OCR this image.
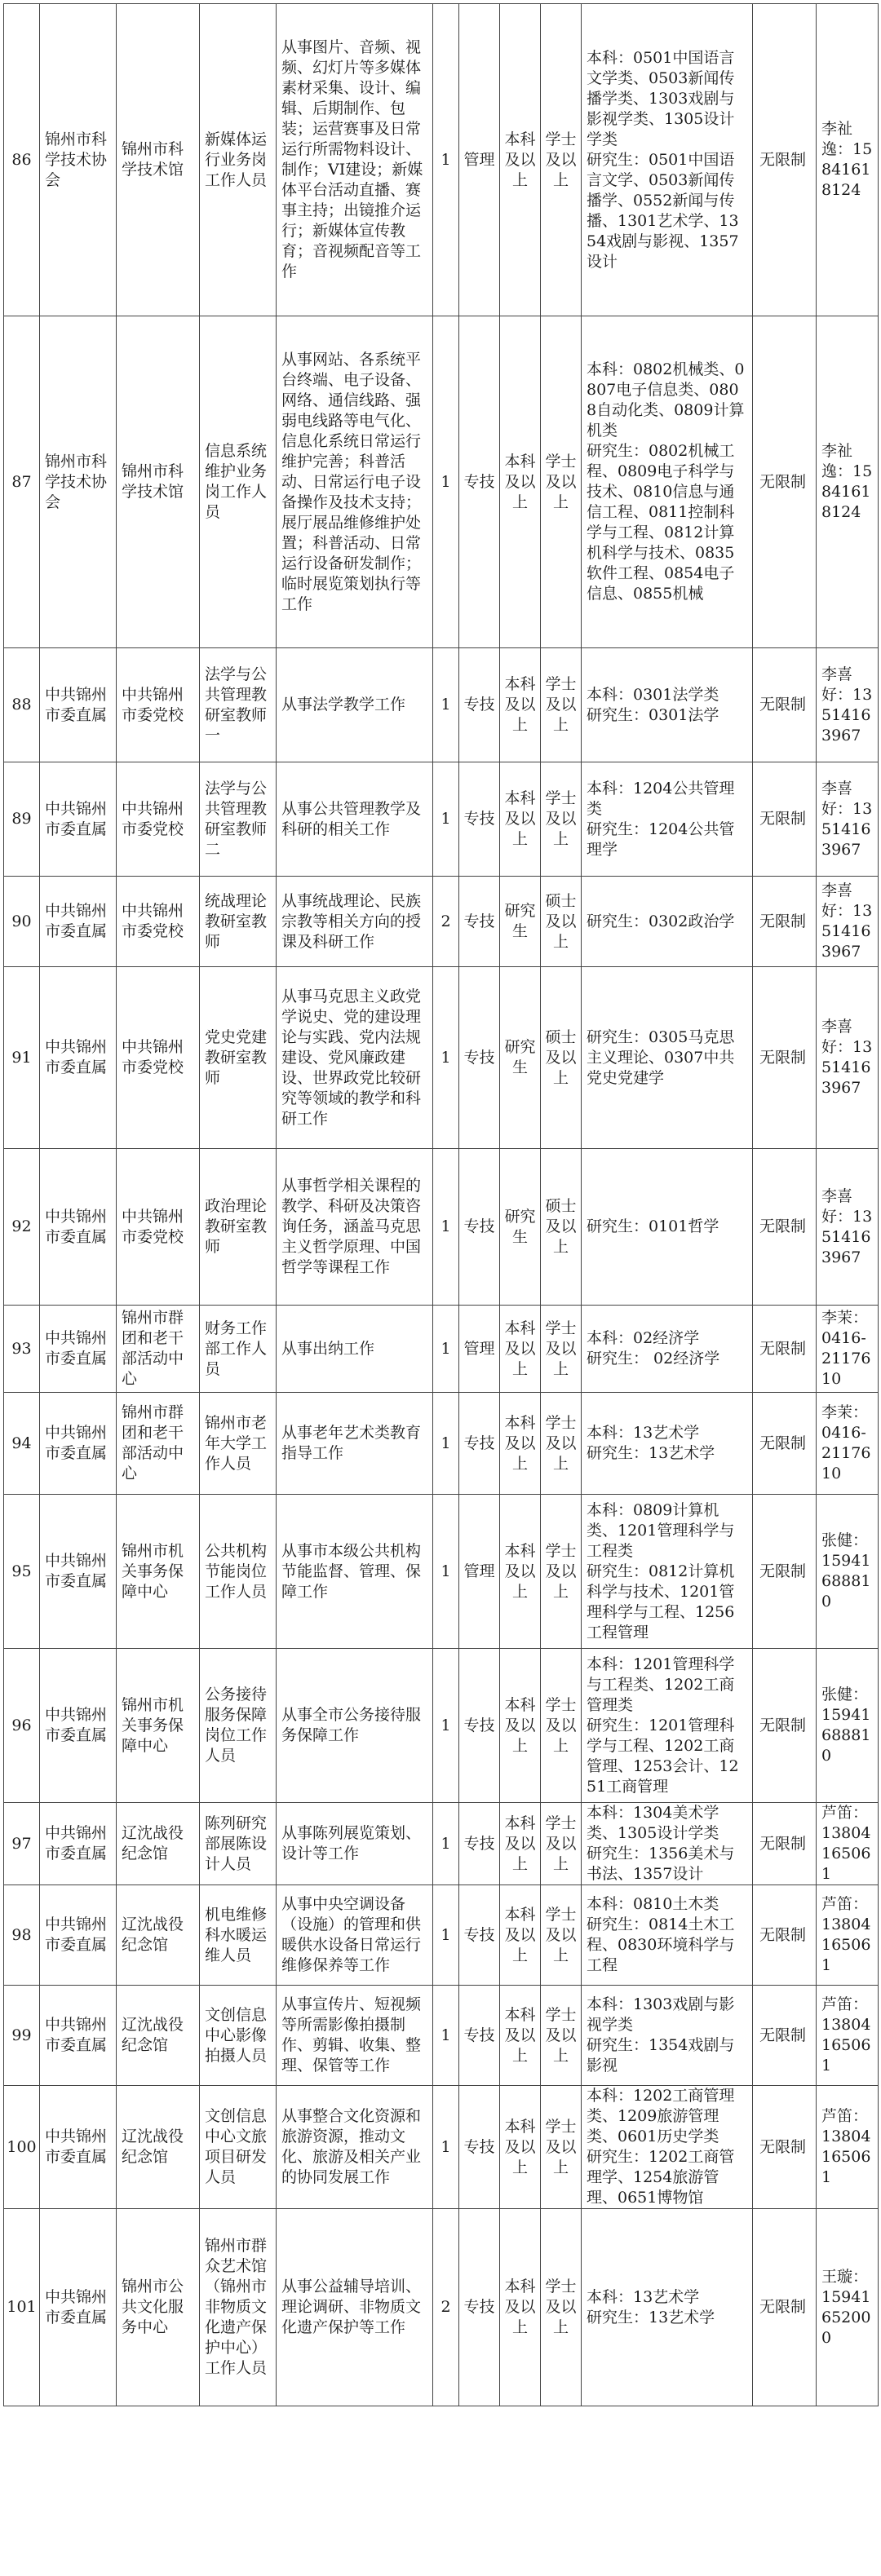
86	锦州市科学技术协会	锦州市科学技术馆	新媒体运行业务岗工作人员	从事图片、音频、视频、幻灯片等多媒体素材采集、设计、编辑、后期制作、包装；运营赛事及日常运行所需物料设计、制作；VI建设；新媒体平台活动直播、赛事主持；出镜推介运行；新媒体宣传教育；音视频配音等工作	1	管理	本科及以上	学士及以上	本科：0501中国语言文学类、0503新闻传播学类、1303戏剧与影视学类、1305设计学类
研究生：0501中国语言文学、0503新闻传播学、0552新闻与传播、1301艺术学、1354戏剧与影视、1357设计	无限制	李祉逸：15841618124
87	锦州市科学技术协会	锦州市科学技术馆	信息系统维护业务岗工作人员	从事网站、各系统平台终端、电子设备、网络、通信线路、强弱电线路等电气化、信息化系统日常运行维护完善；科普活动、日常运行电子设备操作及技术支持；展厅展品维修维护处置；科普活动、日常运行设备研发制作；临时展览策划执行等工作	1	专技	本科及以上	学士及以上	本科：0802机械类、0807电子信息类、0808自动化类、0809计算机类
研究生：0802机械工程、0809电子科学与技术、0810信息与通信工程、0811控制科学与工程、0812计算机科学与技术、0835软件工程、0854电子信息、0855机械	无限制	李祉逸：15841618124
88	中共锦州市委直属	中共锦州市委党校	法学与公共管理教研室教师一	从事法学教学工作	1	专技	本科及以上	学士及以上	本科：0301法学类
研究生：0301法学	无限制	李喜好：13514163967
89	中共锦州市委直属	中共锦州市委党校	法学与公共管理教研室教师二	从事公共管理教学及科研的相关工作	1	专技	本科及以上	学士及以上	本科：1204公共管理类
研究生：1204公共管理学	无限制	李喜好：13514163967
90	中共锦州市委直属	中共锦州市委党校	统战理论教研室教师	从事统战理论、民族宗教等相关方向的授课及科研工作	2	专技	研究生	硕士及以上	研究生：0302政治学	无限制	李喜好：13514163967
91	中共锦州市委直属	中共锦州市委党校	党史党建教研室教师	从事马克思主义政党学说史、党的建设理论与实践、党内法规建设、党风廉政建设、世界政党比较研究等领域的教学和科研工作	1	专技	研究生	硕士及以上	研究生：0305马克思主义理论、0307中共党史党建学	无限制	李喜好：13514163967
92	中共锦州市委直属	中共锦州市委党校	政治理论教研室教师	从事哲学相关课程的教学、科研及决策咨询任务，涵盖马克思主义哲学原理、中国哲学等课程工作	1	专技	研究生	硕士及以上	研究生：0101哲学	无限制	李喜好：13514163967
93	中共锦州市委直属	锦州市群团和老干部活动中心	财务工作部工作人员	从事出纳工作	1	管理	本科及以上	学士及以上	本科：02经济学
研究生： 02经济学	无限制	李茉：0416-2117610
94	中共锦州市委直属	锦州市群团和老干部活动中心	锦州市老年大学工作人员	从事老年艺术类教育指导工作	1	专技	本科及以上	学士及以上	本科：13艺术学
研究生：13艺术学	无限制	李茉：0416-2117610
95	中共锦州市委直属	锦州市机关事务保障中心	公共机构节能岗位工作人员	从事市本级公共机构节能监督、管理、保障工作	1	管理	本科及以上	学士及以上	本科：0809计算机类、1201管理科学与工程类
研究生：0812计算机科学与技术、1201管理科学与工程、1256工程管理	无限制	张健：15941688810
96	中共锦州市委直属	锦州市机关事务保障中心	公务接待服务保障岗位工作人员	从事全市公务接待服务保障工作	1	专技	本科及以上	学士及以上	本科：1201管理科学与工程类、1202工商管理类
研究生：1201管理科学与工程、1202工商管理、1253会计、1251工商管理	无限制	张健：15941688810
97	中共锦州市委直属	辽沈战役纪念馆	陈列研究部展陈设计人员	从事陈列展览策划、设计等工作	1	专技	本科及以上	学士及以上	本科：1304美术学类、1305设计学类
研究生：1356美术与书法、1357设计	无限制	芦笛：13804165061
98	中共锦州市委直属	辽沈战役纪念馆	机电维修科水暖运维人员	从事中央空调设备（设施）的管理和供暖供水设备日常运行维修保养等工作	1	专技	本科及以上	学士及以上	本科：0810土木类
研究生：0814土木工程、0830环境科学与工程	无限制	芦笛：13804165061
99	中共锦州市委直属	辽沈战役纪念馆	文创信息中心影像拍摄人员	从事宣传片、短视频等所需影像拍摄制作、剪辑、收集、整理、保管等工作	1	专技	本科及以上	学士及以上	本科：1303戏剧与影视学类
研究生：1354戏剧与影视	无限制	芦笛：13804165061
100	中共锦州市委直属	辽沈战役纪念馆	文创信息中心文旅项目研发人员	从事整合文化资源和旅游资源，推动文化、旅游及相关产业的协同发展工作	1	专技	本科及以上	学士及以上	本科：1202工商管理类、1209旅游管理类、0601历史学类
研究生：1202工商管理学、1254旅游管理、0651博物馆	无限制	芦笛：13804165061
101	中共锦州市委直属	锦州市公共文化服务中心	锦州市群众艺术馆（锦州市非物质文化遗产保护中心）工作人员	从事公益辅导培训、理论调研、非物质文化遗产保护等工作	2	专技	本科及以上	学士及以上	本科：13艺术学
研究生：13艺术学	无限制	王璇：15941652000
